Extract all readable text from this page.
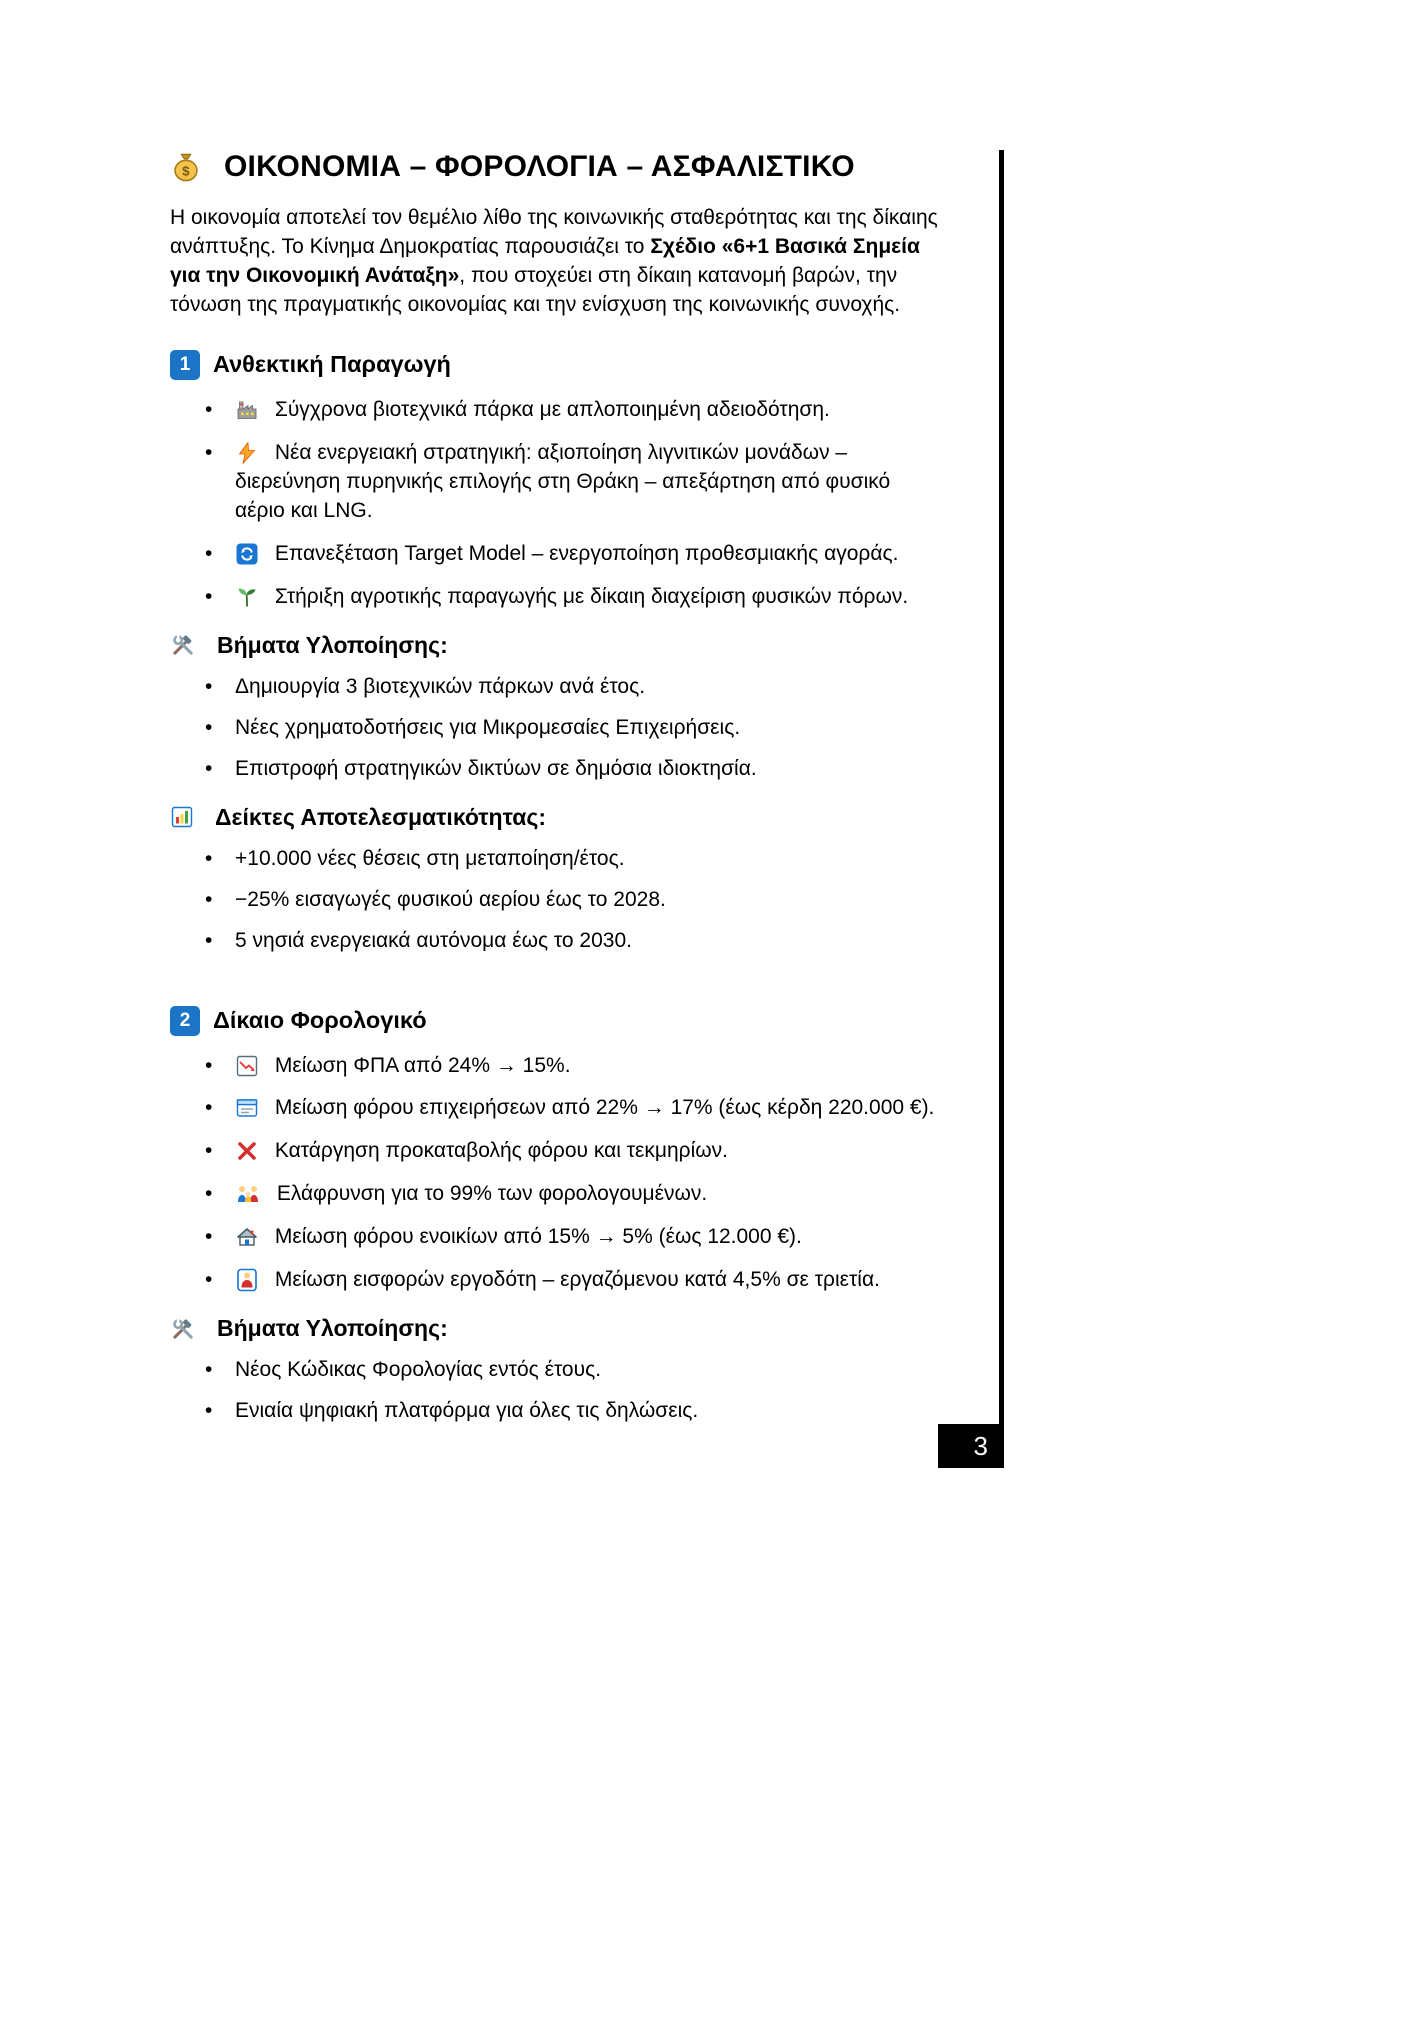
$ ΟΙΚΟΝΟΜΙΑ – ΦΟΡΟΛΟΓΙΑ – ΑΣΦΑΛΙΣΤΙΚΟ

Η οικονομία αποτελεί τον θεμέλιο λίθο της κοινωνικής σταθερότητας και της δίκαιης ανάπτυξης. Το Κίνημα Δημοκρατίας παρουσιάζει το Σχέδιο «6+1 Βασικά Σημεία για την Οικονομική Ανάταξη», που στοχεύει στη δίκαιη κατανομή βαρών, την τόνωση της πραγματικής οικονομίας και την ενίσχυση της κοινωνικής συνοχής.

1 Ανθεκτική Παραγωγή
•
Σύγχρονα βιοτεχνικά πάρκα με απλοποιημένη αδειοδότηση.
•
Νέα ενεργειακή στρατηγική: αξιοποίηση λιγνιτικών μονάδων – διερεύνηση πυρηνικής επιλογής στη Θράκη – απεξάρτηση από φυσικό αέριο και LNG.
•
Επανεξέταση Target Model – ενεργοποίηση προθεσμιακής αγοράς.
•
Στήριξη αγροτικής παραγωγής με δίκαιη διαχείριση φυσικών πόρων.
Βήματα Υλοποίησης:
•
Δημιουργία 3 βιοτεχνικών πάρκων ανά έτος.
•
Νέες χρηματοδοτήσεις για Μικρομεσαίες Επιχειρήσεις.
•
Επιστροφή στρατηγικών δικτύων σε δημόσια ιδιοκτησία.
Δείκτες Αποτελεσματικότητας:
•
+10.000 νέες θέσεις στη μεταποίηση/έτος.
•
−25% εισαγωγές φυσικού αερίου έως το 2028.
•
5 νησιά ενεργειακά αυτόνομα έως το 2030.
2 Δίκαιο Φορολογικό
•
Μείωση ΦΠΑ από 24% → 15%.
•
Μείωση φόρου επιχειρήσεων από 22% → 17% (έως κέρδη 220.000 €).
•
Κατάργηση προκαταβολής φόρου και τεκμηρίων.
•
Ελάφρυνση για το 99% των φορολογουμένων.
•
Μείωση φόρου ενοικίων από 15% → 5% (έως 12.000 €).
•
Μείωση εισφορών εργοδότη – εργαζόμενου κατά 4,5% σε τριετία.
Βήματα Υλοποίησης:
•
Νέος Κώδικας Φορολογίας εντός έτους.
•
Ενιαία ψηφιακή πλατφόρμα για όλες τις δηλώσεις.
3
